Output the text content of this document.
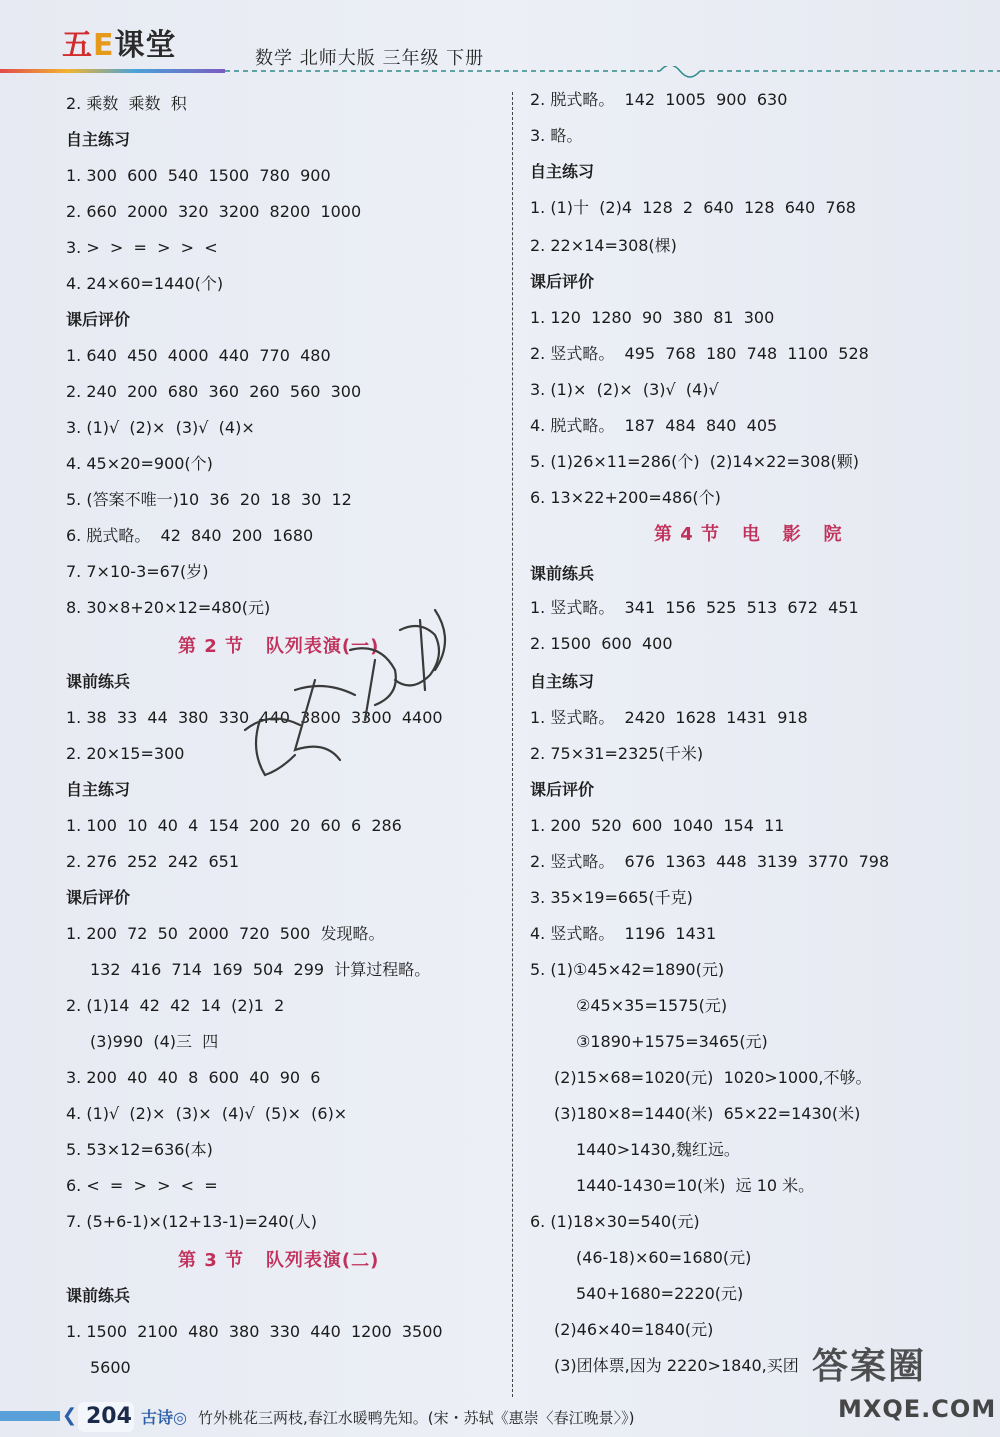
五E课堂	数学 北师大版 三年级 下册
2. 乘数  乘数  积
自主练习
1. 300  600  540  1500  780  900
2. 660  2000  320  3200  8200  1000
3. >  >  =  >  >  <
4. 24×60=1440(个)
课后评价
1. 640  450  4000  440  770  480
2. 240  200  680  360  260  560  300
3. (1)√  (2)×  (3)√  (4)×
4. 45×20=900(个)
5. (答案不唯一)10  36  20  18  30  12
6. 脱式略。  42  840  200  1680
7. 7×10-3=67(岁)
8. 30×8+20×12=480(元)
第 2 节   队列表演(一)
课前练兵
1. 38  33  44  380  330  440  3800  3300  4400
2. 20×15=300
自主练习
1. 100  10  40  4  154  200  20  60  6  286
2. 276  252  242  651
课后评价
1. 200  72  50  2000  720  500  发现略。
132  416  714  169  504  299  计算过程略。
2. (1)14  42  42  14  (2)1  2
(3)990  (4)三  四
3. 200  40  40  8  600  40  90  6
4. (1)√  (2)×  (3)×  (4)√  (5)×  (6)×
5. 53×12=636(本)
6. <  =  >  >  <  =
7. (5+6-1)×(12+13-1)=240(人)
第 3 节   队列表演(二)
课前练兵
1. 1500  2100  480  380  330  440  1200  3500
5600
2. 脱式略。  142  1005  900  630
3. 略。
自主练习
1. (1)十  (2)4  128  2  640  128  640  768
2. 22×14=308(棵)
课后评价
1. 120  1280  90  380  81  300
2. 竖式略。  495  768  180  748  1100  528
3. (1)×  (2)×  (3)√  (4)√
4. 脱式略。  187  484  840  405
5. (1)26×11=286(个)  (2)14×22=308(颗)
6. 13×22+200=486(个)
第 4 节   电   影   院
课前练兵
1. 竖式略。  341  156  525  513  672  451
2. 1500  600  400
自主练习
1. 竖式略。  2420  1628  1431  918
2. 75×31=2325(千米)
课后评价
1. 200  520  600  1040  154  11
2. 竖式略。  676  1363  448  3139  3770  798
3. 35×19=665(千克)
4. 竖式略。  1196  1431
5. (1)①45×42=1890(元)
②45×35=1575(元)
③1890+1575=3465(元)
(2)15×68=1020(元)  1020>1000,不够。
(3)180×8=1440(米)  65×22=1430(米)
1440>1430,魏红远。
1440-1430=10(米)  远 10 米。
6. (1)18×30=540(元)
(46-18)×60=1680(元)
540+1680=2220(元)
(2)46×40=1840(元)
(3)团体票,因为 2220>1840,买团
❮ 204 古诗◎ 竹外桃花三两枝,春江水暖鸭先知。(宋・苏轼《惠崇〈春江晚景〉》)
答案圈
MXQE.COM
